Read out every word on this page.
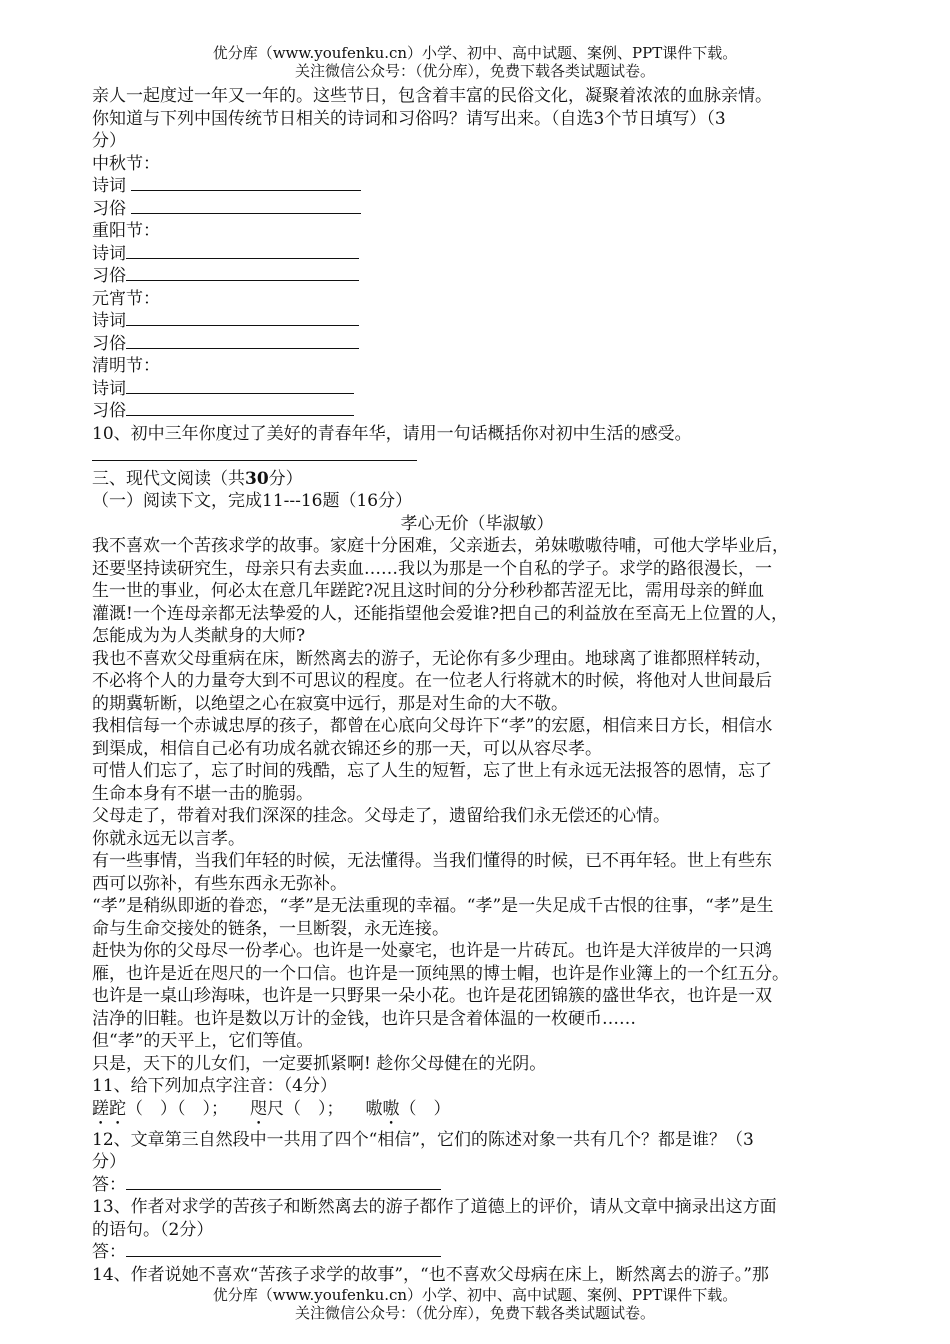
优分库（www.youfenku.cn）小学、初中、高中试题、案例、PPT课件下载。
关注微信公众号：（优分库），免费下载各类试题试卷。

亲人一起度过一年又一年的。这些节日，包含着丰富的民俗文化，凝聚着浓浓的血脉亲情。

你知道与下列中国传统节日相关的诗词和习俗吗？请写出来。（自选3个节日填写）（3

分）

中秋节：

诗词

习俗

重阳节：

诗词

习俗

元宵节：

诗词

习俗

清明节：

诗词

习俗

10、初中三年你度过了美好的青春年华，请用一句话概括你对初中生活的感受。

三、现代文阅读（共30分）

（一）阅读下文，完成11---16题（16分）

孝心无价（毕淑敏）

我不喜欢一个苦孩求学的故事。家庭十分困难，父亲逝去，弟妹嗷嗷待哺，可他大学毕业后，

还要坚持读研究生，母亲只有去卖血……我以为那是一个自私的学子。求学的路很漫长，一

生一世的事业，何必太在意几年蹉跎?况且这时间的分分秒秒都苦涩无比，需用母亲的鲜血

灌溉!一个连母亲都无法挚爱的人，还能指望他会爱谁?把自己的利益放在至高无上位置的人，

怎能成为为人类献身的大师?

我也不喜欢父母重病在床，断然离去的游子，无论你有多少理由。地球离了谁都照样转动，

不必将个人的力量夸大到不可思议的程度。在一位老人行将就木的时候，将他对人世间最后

的期冀斩断，以绝望之心在寂寞中远行，那是对生命的大不敬。

我相信每一个赤诚忠厚的孩子，都曾在心底向父母许下“孝”的宏愿，相信来日方长，相信水

到渠成，相信自己必有功成名就衣锦还乡的那一天，可以从容尽孝。

可惜人们忘了，忘了时间的残酷，忘了人生的短暂，忘了世上有永远无法报答的恩情，忘了

生命本身有不堪一击的脆弱。

父母走了，带着对我们深深的挂念。父母走了，遗留给我们永无偿还的心情。

你就永远无以言孝。

有一些事情，当我们年轻的时候，无法懂得。当我们懂得的时候，已不再年轻。世上有些东

西可以弥补，有些东西永无弥补。

“孝”是稍纵即逝的眷恋，“孝”是无法重现的幸福。“孝”是一失足成千古恨的往事，“孝”是生

命与生命交接处的链条，一旦断裂，永无连接。

赶快为你的父母尽一份孝心。也许是一处豪宅，也许是一片砖瓦。也许是大洋彼岸的一只鸿

雁，也许是近在咫尺的一个口信。也许是一顶纯黑的博士帽，也许是作业簿上的一个红五分。

也许是一桌山珍海味，也许是一只野果一朵小花。也许是花团锦簇的盛世华衣，也许是一双

洁净的旧鞋。也许是数以万计的金钱，也许只是含着体温的一枚硬币……

但“孝”的天平上，它们等值。

只是，天下的儿女们，一定要抓紧啊! 趁你父母健在的光阴。

11、给下列加点字注音：（4分）

蹉跎（　）（　）； 咫尺（　）； 嗷嗷（　）

12、文章第三自然段中一共用了四个“相信”，它们的陈述对象一共有几个？都是谁？（3

分）

答：

13、作者对求学的苦孩子和断然离去的游子都作了道德上的评价，请从文章中摘录出这方面

的语句。（2分）

答：

14、作者说她不喜欢“苦孩子求学的故事”，“也不喜欢父母病在床上，断然离去的游子。”那

优分库（www.youfenku.cn）小学、初中、高中试题、案例、PPT课件下载。
关注微信公众号：（优分库），免费下载各类试题试卷。
